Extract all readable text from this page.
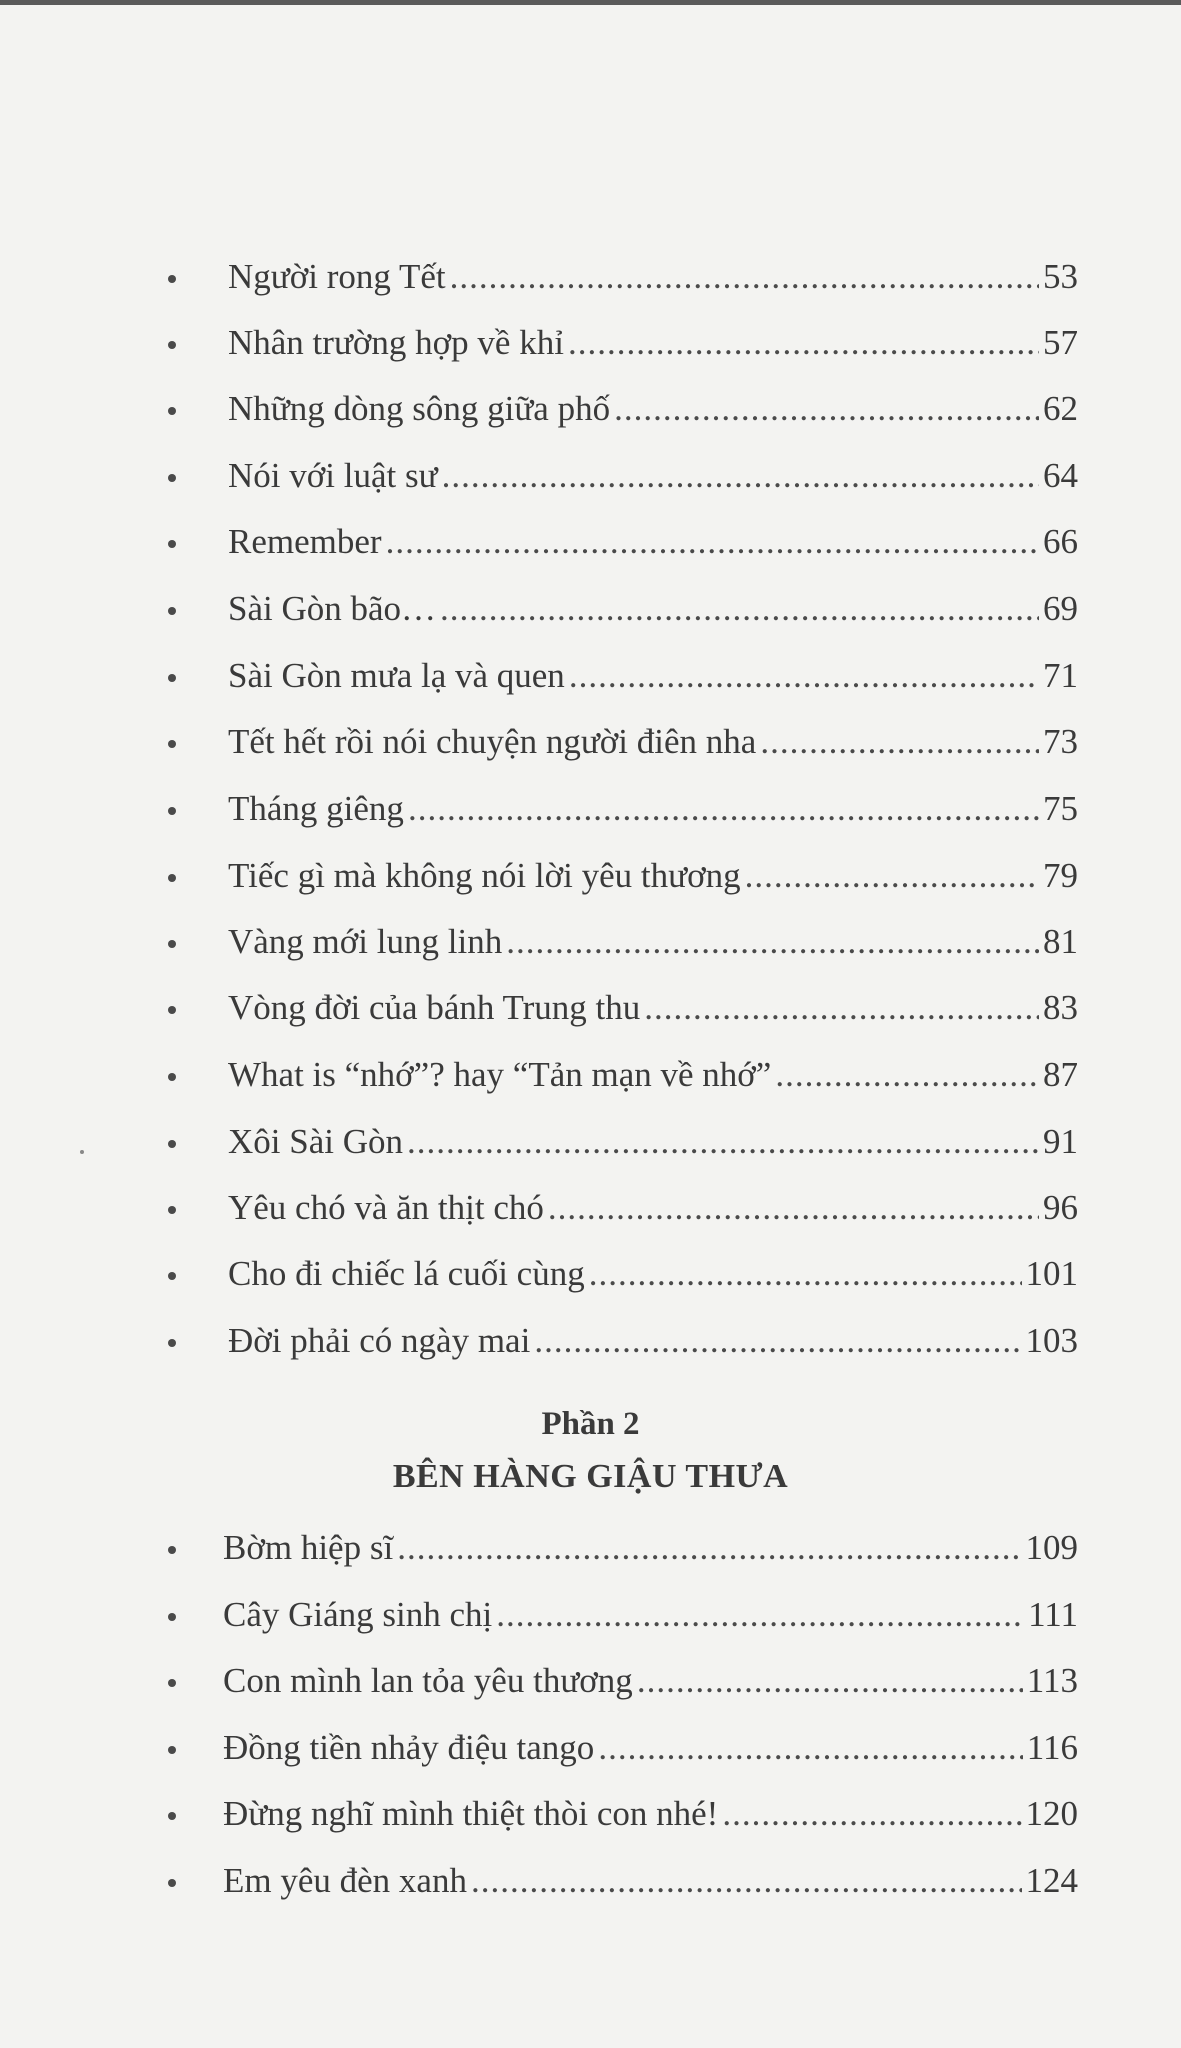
Người rong Tết .....	53
Nhân trường hợp về khỉ .....	57
Những dòng sông giữa phố .....	62
Nói với luật sư .....	64
Remember .....	66
Sài Gòn bão… .....	69
Sài Gòn mưa lạ và quen .....	71
Tết hết rồi nói chuyện người điên nha .....	73
Tháng giêng .....	75
Tiếc gì mà không nói lời yêu thương .....	79
Vàng mới lung linh .....	81
Vòng đời của bánh Trung thu .....	83
What is “nhớ”? hay “Tản mạn về nhớ” .....	87
Xôi Sài Gòn .....	91
Yêu chó và ăn thịt chó .....	96
Cho đi chiếc lá cuối cùng .....	101
Đời phải có ngày mai .....	103
Phần 2
BÊN HÀNG GIẬU THƯA
Bờm hiệp sĩ .....	109
Cây Giáng sinh chị .....	111
Con mình lan tỏa yêu thương .....	113
Đồng tiền nhảy điệu tango .....	116
Đừng nghĩ mình thiệt thòi con nhé! .....	120
Em yêu đèn xanh .....	124
